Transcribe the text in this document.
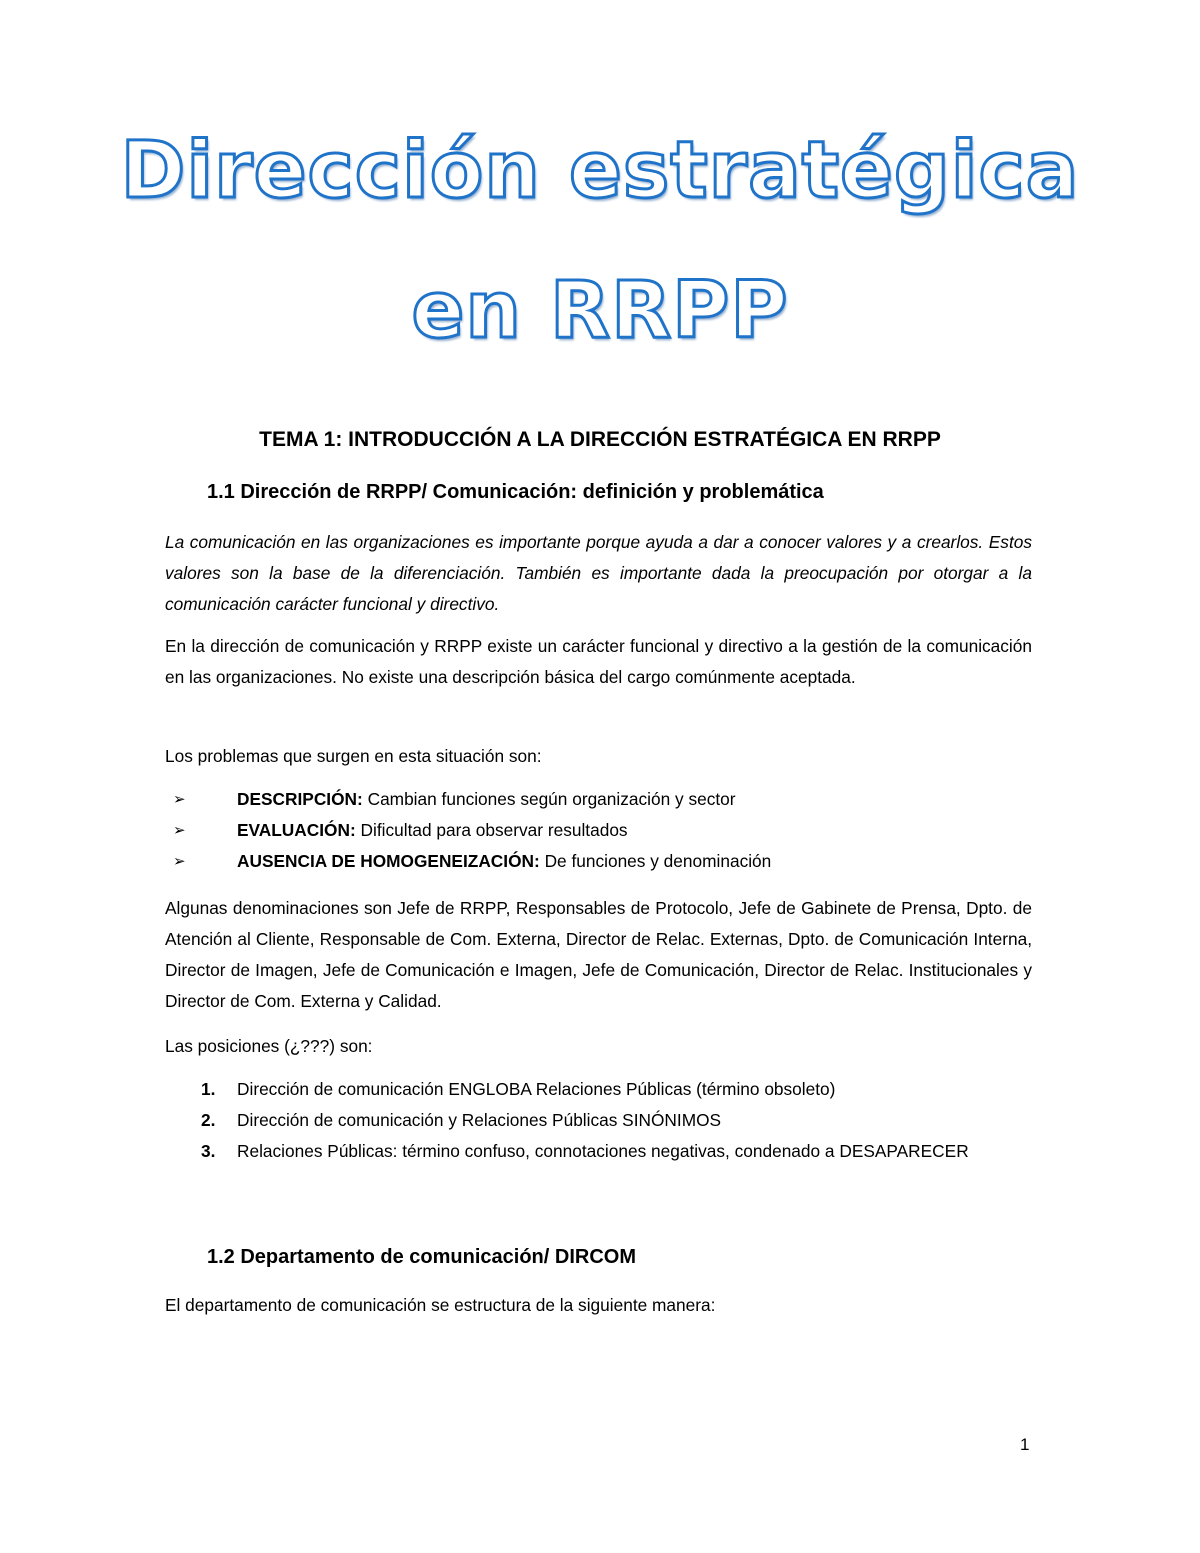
Dirección estratégica
en RRPP
TEMA 1: INTRODUCCIÓN A LA DIRECCIÓN ESTRATÉGICA EN RRPP
1.1 Dirección de RRPP/ Comunicación: definición y problemática

La comunicación en las organizaciones es importante porque ayuda a dar a conocer valores y a crearlos. Estos valores son la base de la diferenciación. También es importante dada la preocupación por otorgar a la comunicación carácter funcional y directivo.

En la dirección de comunicación y RRPP existe un carácter funcional y directivo a la gestión de la comunicación en las organizaciones. No existe una descripción básica del cargo comúnmente aceptada.

Los problemas que surgen en esta situación son:

➢	DESCRIPCIÓN: Cambian funciones según organización y sector
➢	EVALUACIÓN: Dificultad para observar resultados
➢	AUSENCIA DE HOMOGENEIZACIÓN: De funciones y denominación

Algunas denominaciones son Jefe de RRPP, Responsables de Protocolo, Jefe de Gabinete de Prensa, Dpto. de Atención al Cliente, Responsable de Com. Externa, Director de Relac. Externas, Dpto. de Comunicación Interna, Director de Imagen, Jefe de Comunicación e Imagen, Jefe de Comunicación, Director de Relac. Institucionales y Director de Com. Externa y Calidad.

Las posiciones (¿???) son:

1. Dirección de comunicación ENGLOBA Relaciones Públicas (término obsoleto)
2. Dirección de comunicación y Relaciones Públicas SINÓNIMOS
3. Relaciones Públicas: término confuso, connotaciones negativas, condenado a DESAPARECER
1.2 Departamento de comunicación/ DIRCOM

El departamento de comunicación se estructura de la siguiente manera:

1
